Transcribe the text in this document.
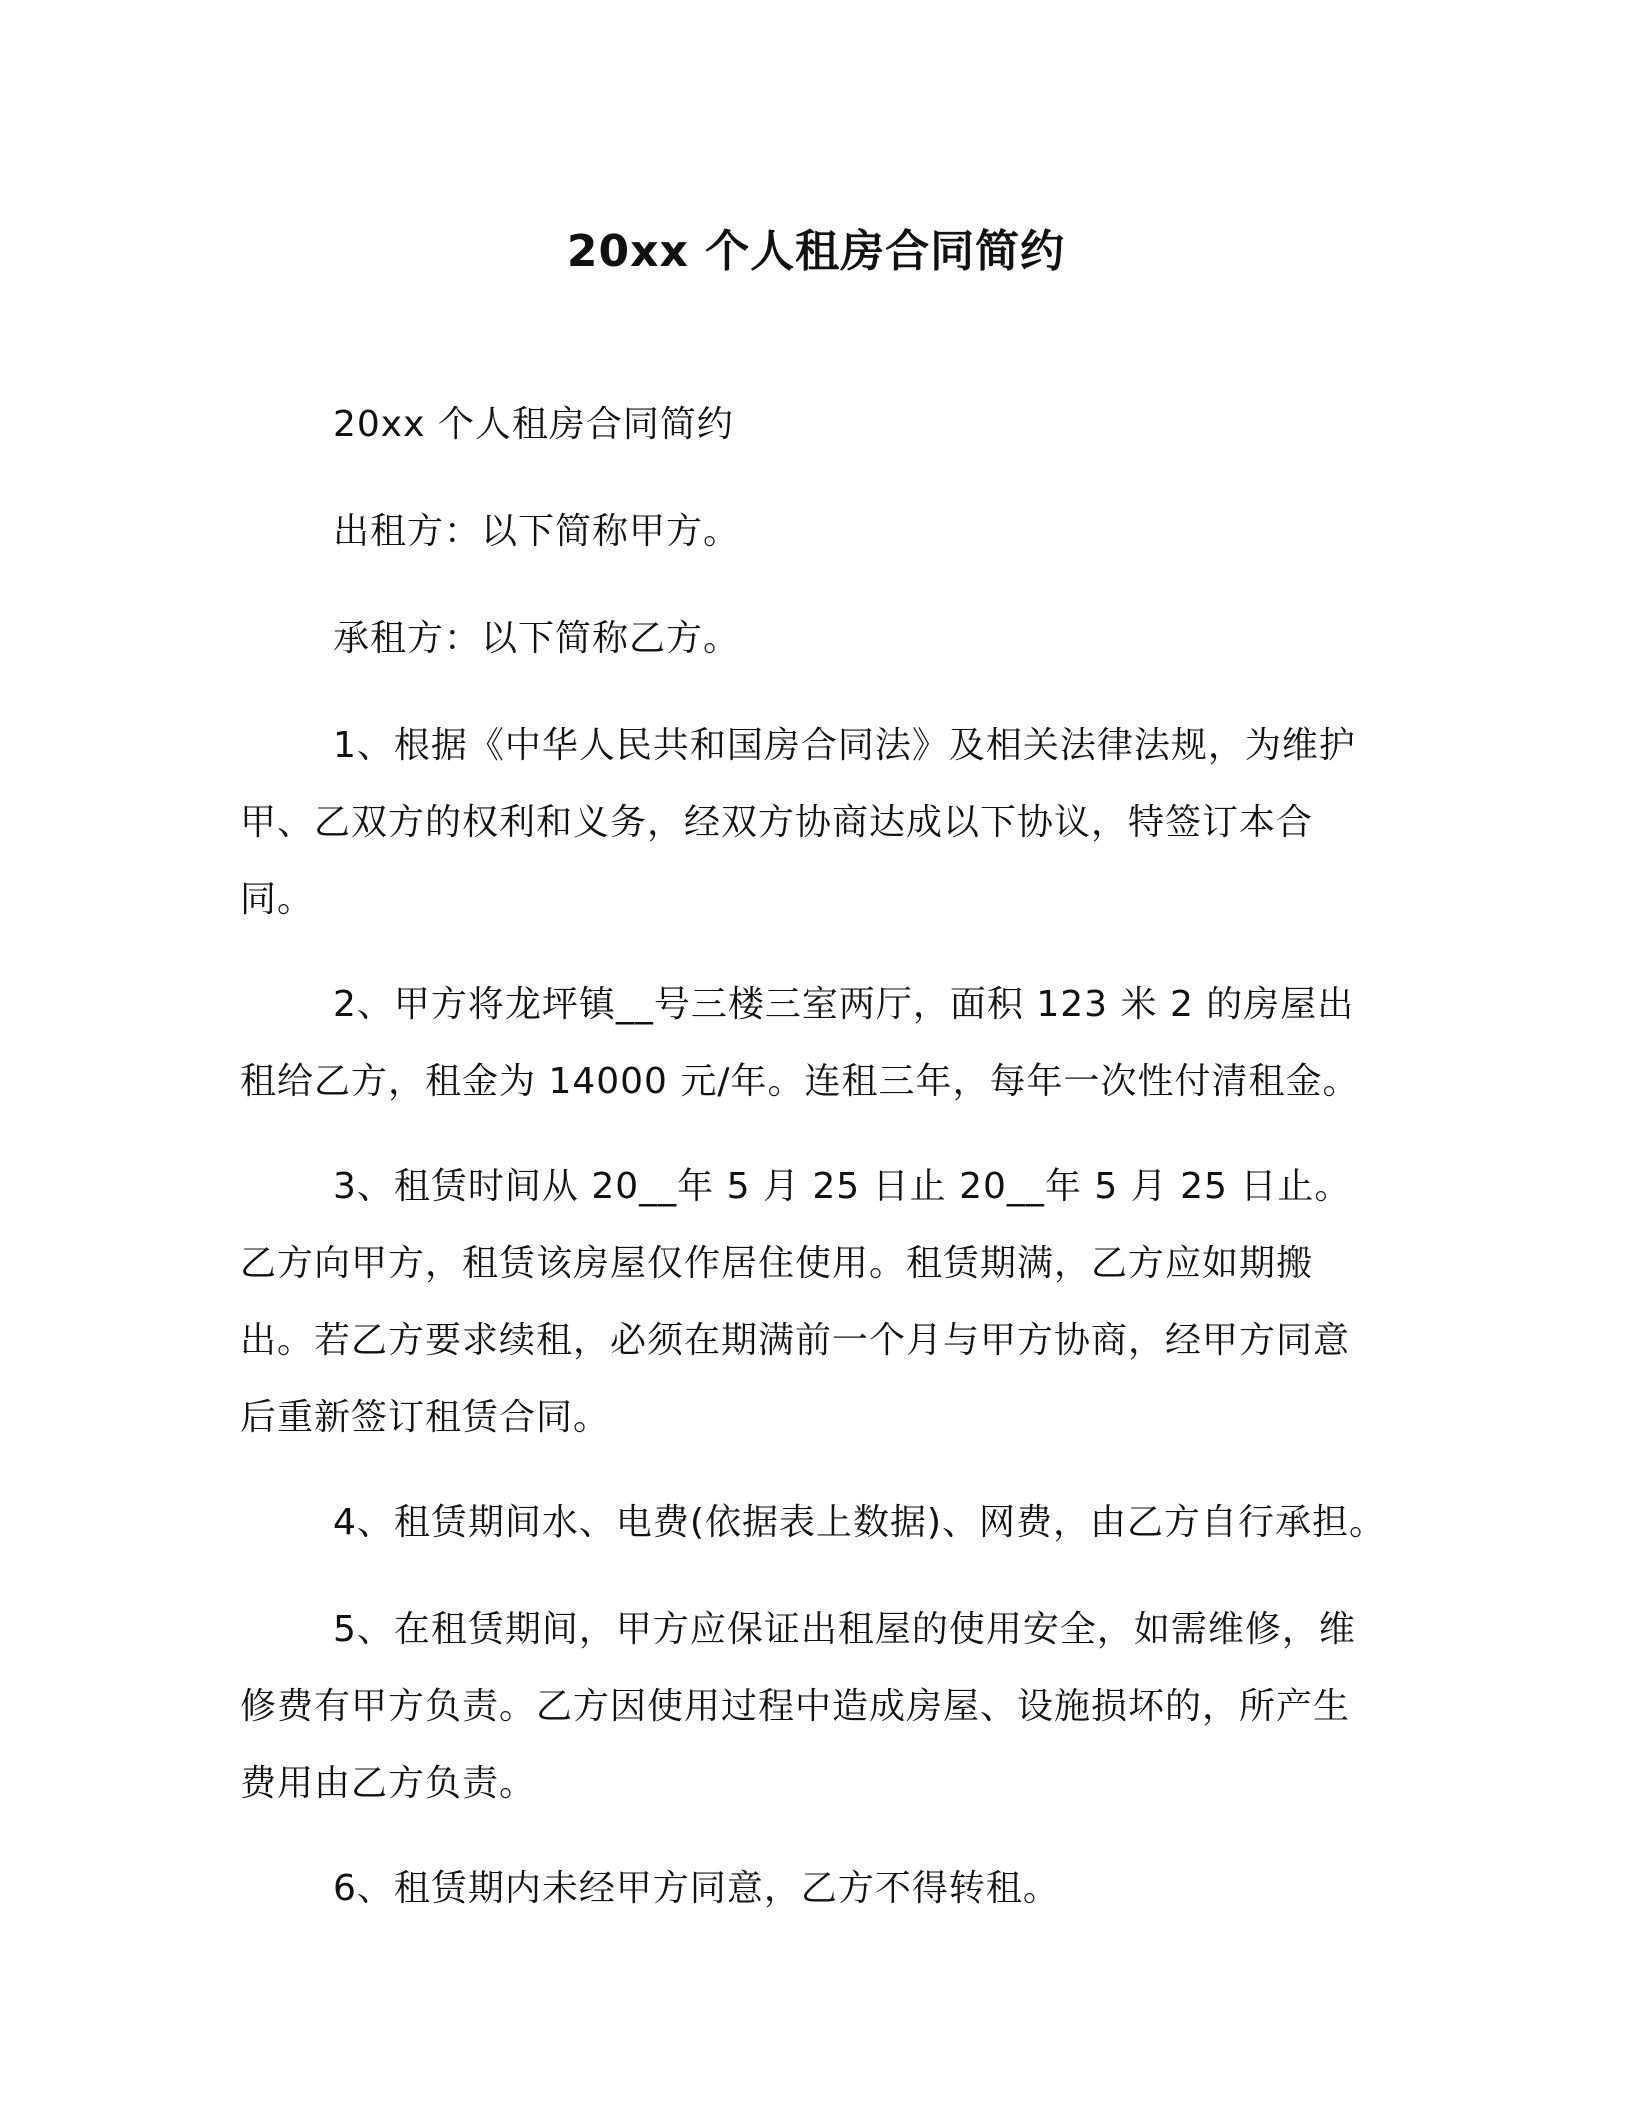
20xx 个人租房合同简约

20xx 个人租房合同简约

出租方：以下简称甲方。

承租方：以下简称乙方。

1、根据《中华人民共和国房合同法》及相关法律法规，为维护甲、乙双方的权利和义务，经双方协商达成以下协议，特签订本合同。

2、甲方将龙坪镇__号三楼三室两厅，面积 123 米 2 的房屋出租给乙方，租金为 14000 元/年。连租三年，每年一次性付清租金。

3、租赁时间从 20__年 5 月 25 日止 20__年 5 月 25 日止。乙方向甲方，租赁该房屋仅作居住使用。租赁期满，乙方应如期搬出。若乙方要求续租，必须在期满前一个月与甲方协商，经甲方同意后重新签订租赁合同。

4、租赁期间水、电费(依据表上数据)、网费，由乙方自行承担。

5、在租赁期间，甲方应保证出租屋的使用安全，如需维修，维修费有甲方负责。乙方因使用过程中造成房屋、设施损坏的，所产生费用由乙方负责。

6、租赁期内未经甲方同意，乙方不得转租。
